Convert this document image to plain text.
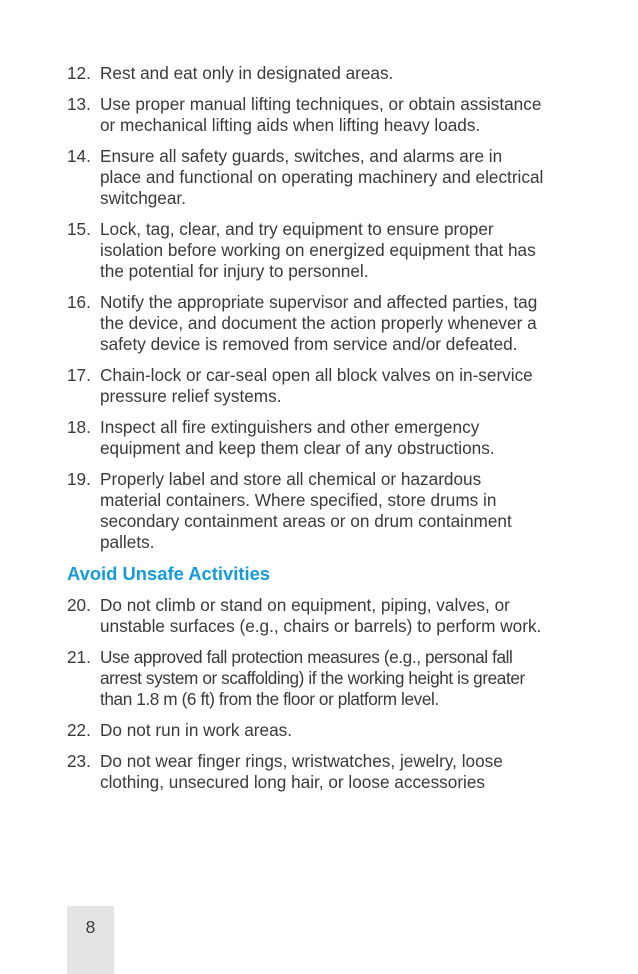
12. Rest and eat only in designated areas.
13. Use proper manual lifting techniques, or obtain assistance or mechanical lifting aids when lifting heavy loads.
14. Ensure all safety guards, switches, and alarms are in place and functional on operating machinery and electrical switchgear.
15. Lock, tag, clear, and try equipment to ensure proper isolation before working on energized equipment that has the potential for injury to personnel.
16. Notify the appropriate supervisor and affected parties, tag the device, and document the action properly whenever a safety device is removed from service and/or defeated.
17. Chain-lock or car-seal open all block valves on in-service pressure relief systems.
18. Inspect all fire extinguishers and other emergency equipment and keep them clear of any obstructions.
19. Properly label and store all chemical or hazardous material containers. Where specified, store drums in secondary containment areas or on drum containment pallets.
Avoid Unsafe Activities
20. Do not climb or stand on equipment, piping, valves, or unstable surfaces (e.g., chairs or barrels) to perform work.
21. Use approved fall protection measures (e.g., personal fall arrest system or scaffolding) if the working height is greater than 1.8 m (6 ft) from the floor or platform level.
22. Do not run in work areas.
23. Do not wear finger rings, wristwatches, jewelry, loose clothing, unsecured long hair, or loose accessories
8
